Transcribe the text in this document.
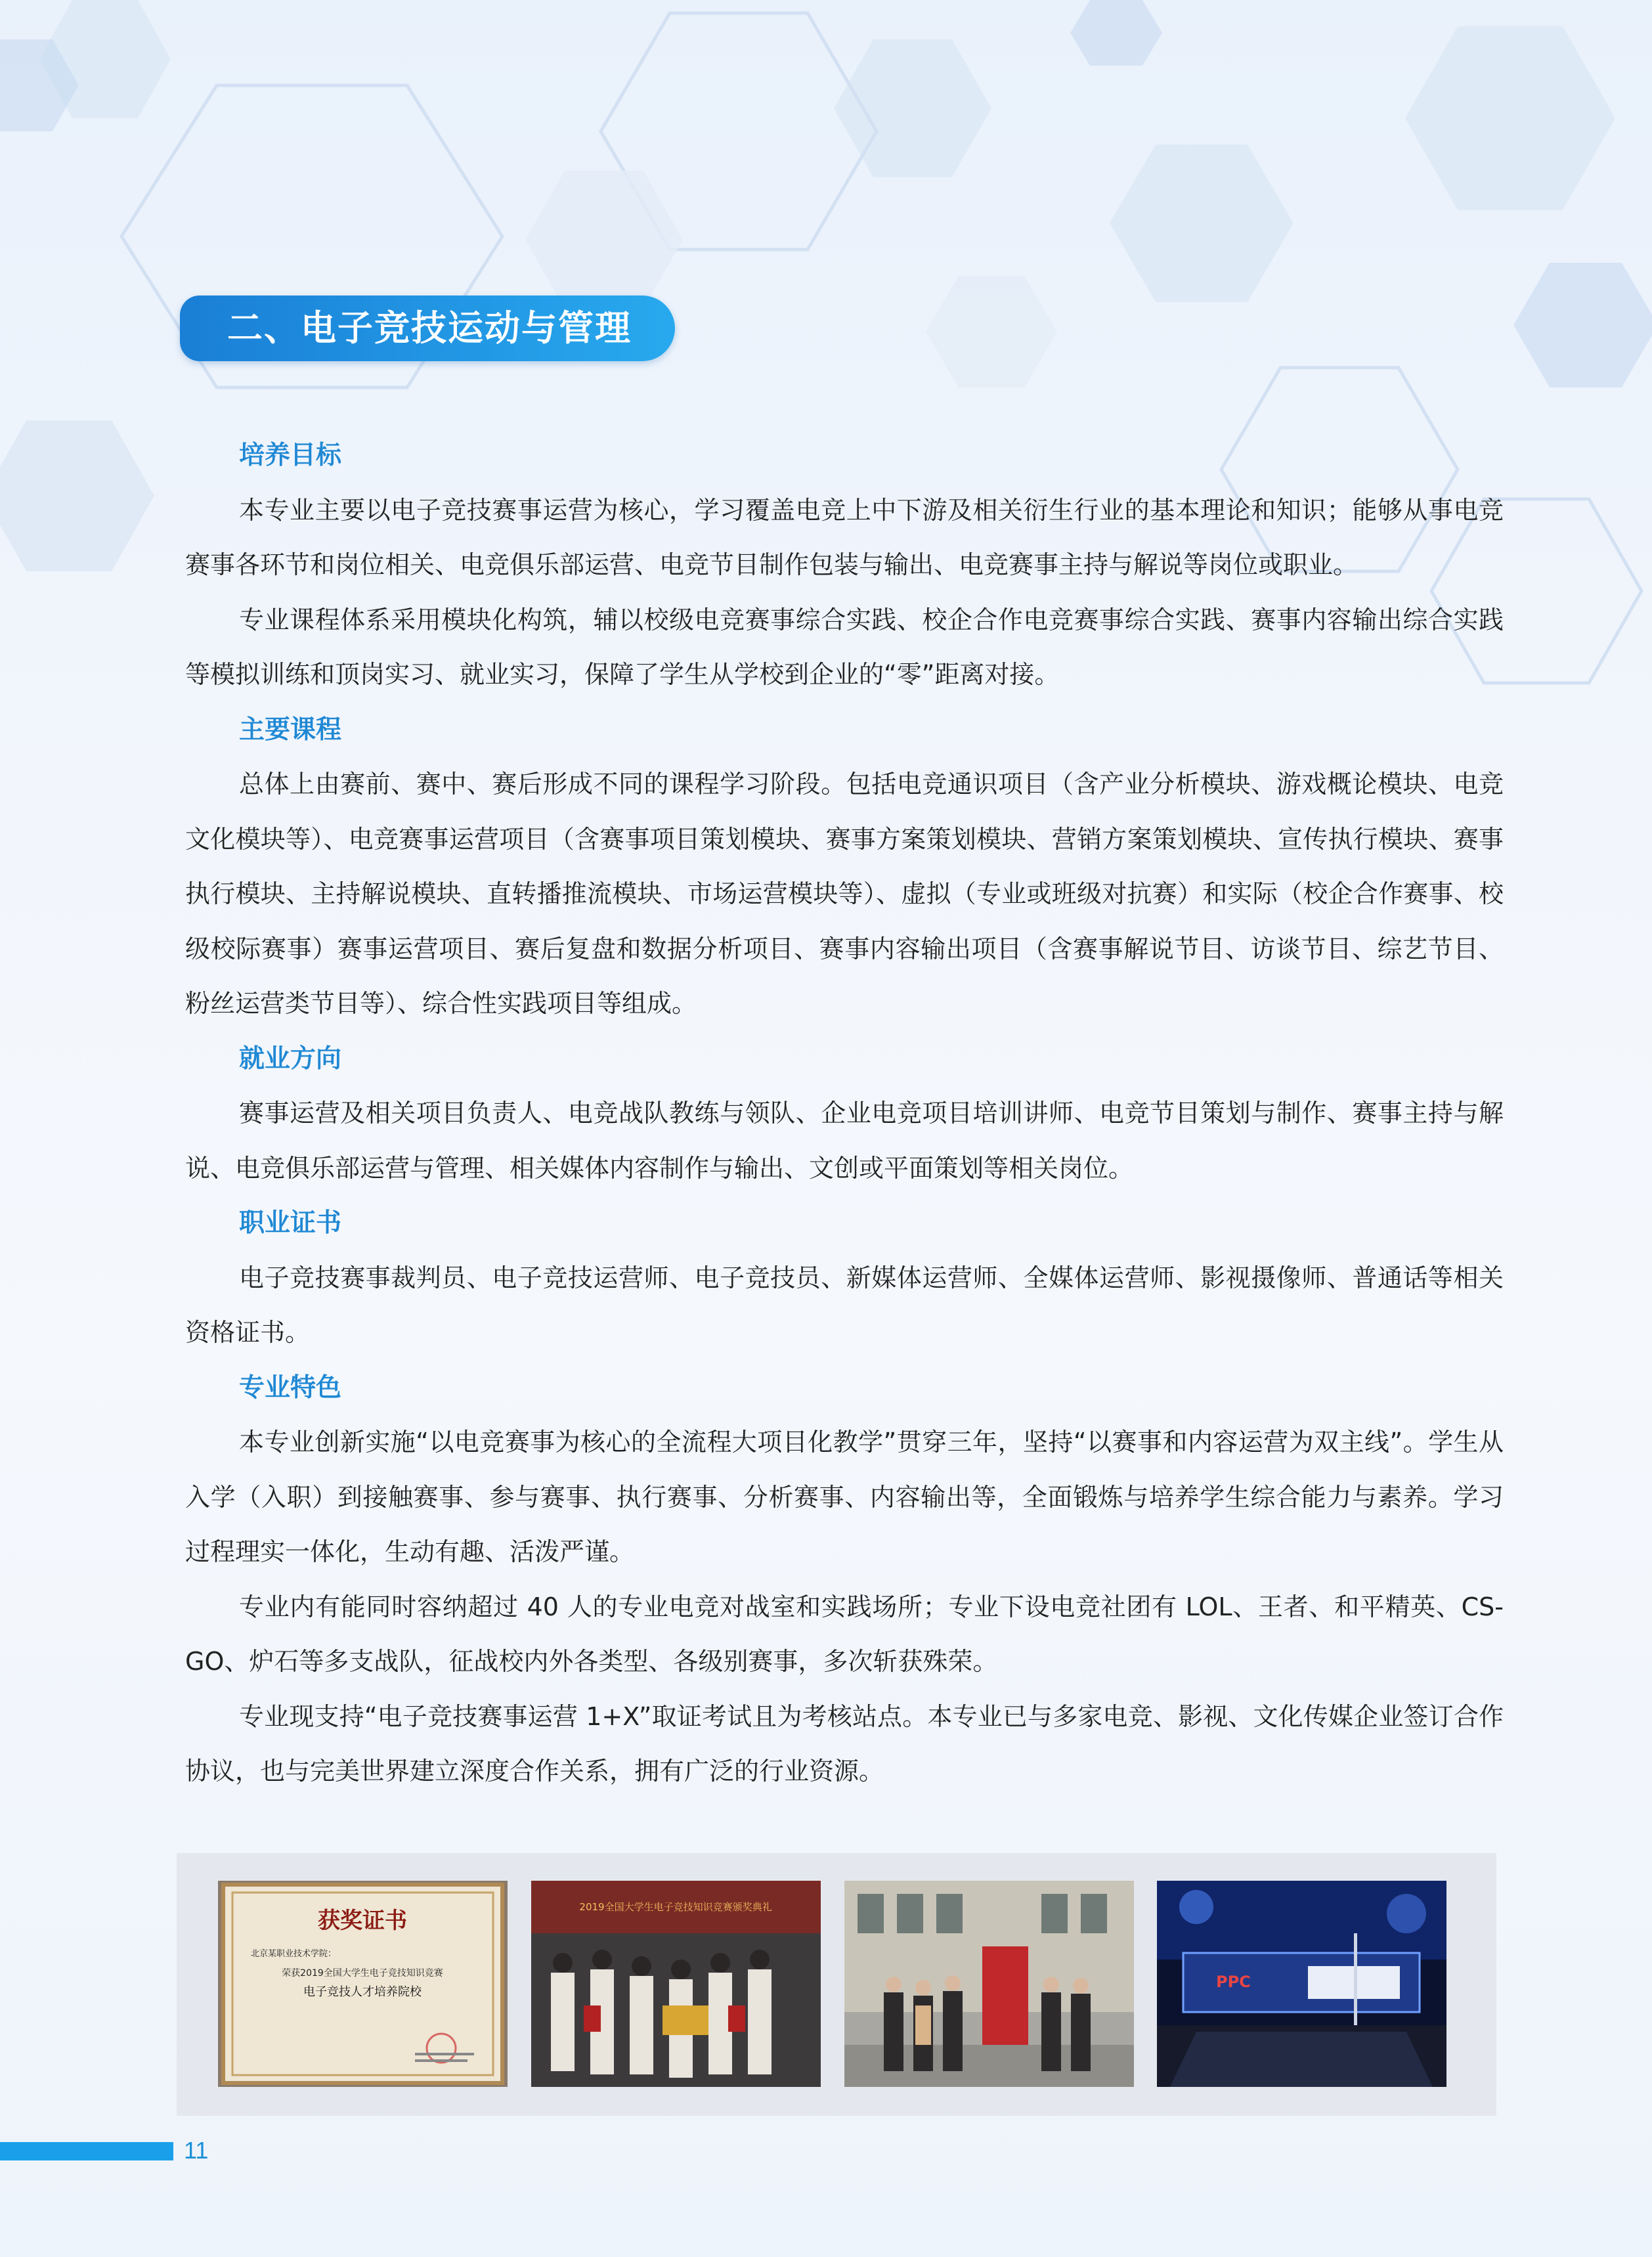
二、电子竞技运动与管理
培养目标
本专业主要以电子竞技赛事运营为核心，学习覆盖电竞上中下游及相关衍生行业的基本理论和知识；能够从事电竞赛事各环节和岗位相关、电竞俱乐部运营、电竞节目制作包装与输出、电竞赛事主持与解说等岗位或职业。
专业课程体系采用模块化构筑，辅以校级电竞赛事综合实践、校企合作电竞赛事综合实践、赛事内容输出综合实践等模拟训练和顶岗实习、就业实习，保障了学生从学校到企业的“零”距离对接。
主要课程
总体上由赛前、赛中、赛后形成不同的课程学习阶段。包括电竞通识项目（含产业分析模块、游戏概论模块、电竞文化模块等）、电竞赛事运营项目（含赛事项目策划模块、赛事方案策划模块、营销方案策划模块、宣传执行模块、赛事执行模块、主持解说模块、直转播推流模块、市场运营模块等）、虚拟（专业或班级对抗赛）和实际（校企合作赛事、校级校际赛事）赛事运营项目、赛后复盘和数据分析项目、赛事内容输出项目（含赛事解说节目、访谈节目、综艺节目、粉丝运营类节目等）、综合性实践项目等组成。
就业方向
赛事运营及相关项目负责人、电竞战队教练与领队、企业电竞项目培训讲师、电竞节目策划与制作、赛事主持与解说、电竞俱乐部运营与管理、相关媒体内容制作与输出、文创或平面策划等相关岗位。
职业证书
电子竞技赛事裁判员、电子竞技运营师、电子竞技员、新媒体运营师、全媒体运营师、影视摄像师、普通话等相关资格证书。
专业特色
本专业创新实施“以电竞赛事为核心的全流程大项目化教学”贯穿三年，坚持“以赛事和内容运营为双主线”。学生从入学（入职）到接触赛事、参与赛事、执行赛事、分析赛事、内容输出等，全面锻炼与培养学生综合能力与素养。学习过程理实一体化，生动有趣、活泼严谨。
专业内有能同时容纳超过 40 人的专业电竞对战室和实践场所；专业下设电竞社团有 LOL、王者、和平精英、CS-GO、炉石等多支战队，征战校内外各类型、各级别赛事，多次斩获殊荣。
专业现支持“电子竞技赛事运营 1+X”取证考试且为考核站点。本专业已与多家电竞、影视、文化传媒企业签订合作协议，也与完美世界建立深度合作关系，拥有广泛的行业资源。
获奖证书
北京某职业技术学院：
荣获2019全国大学生电子竞技知识竞赛
电子竞技人才培养院校
2019全国大学生电子竞技知识竞赛颁奖典礼
PPC
11
